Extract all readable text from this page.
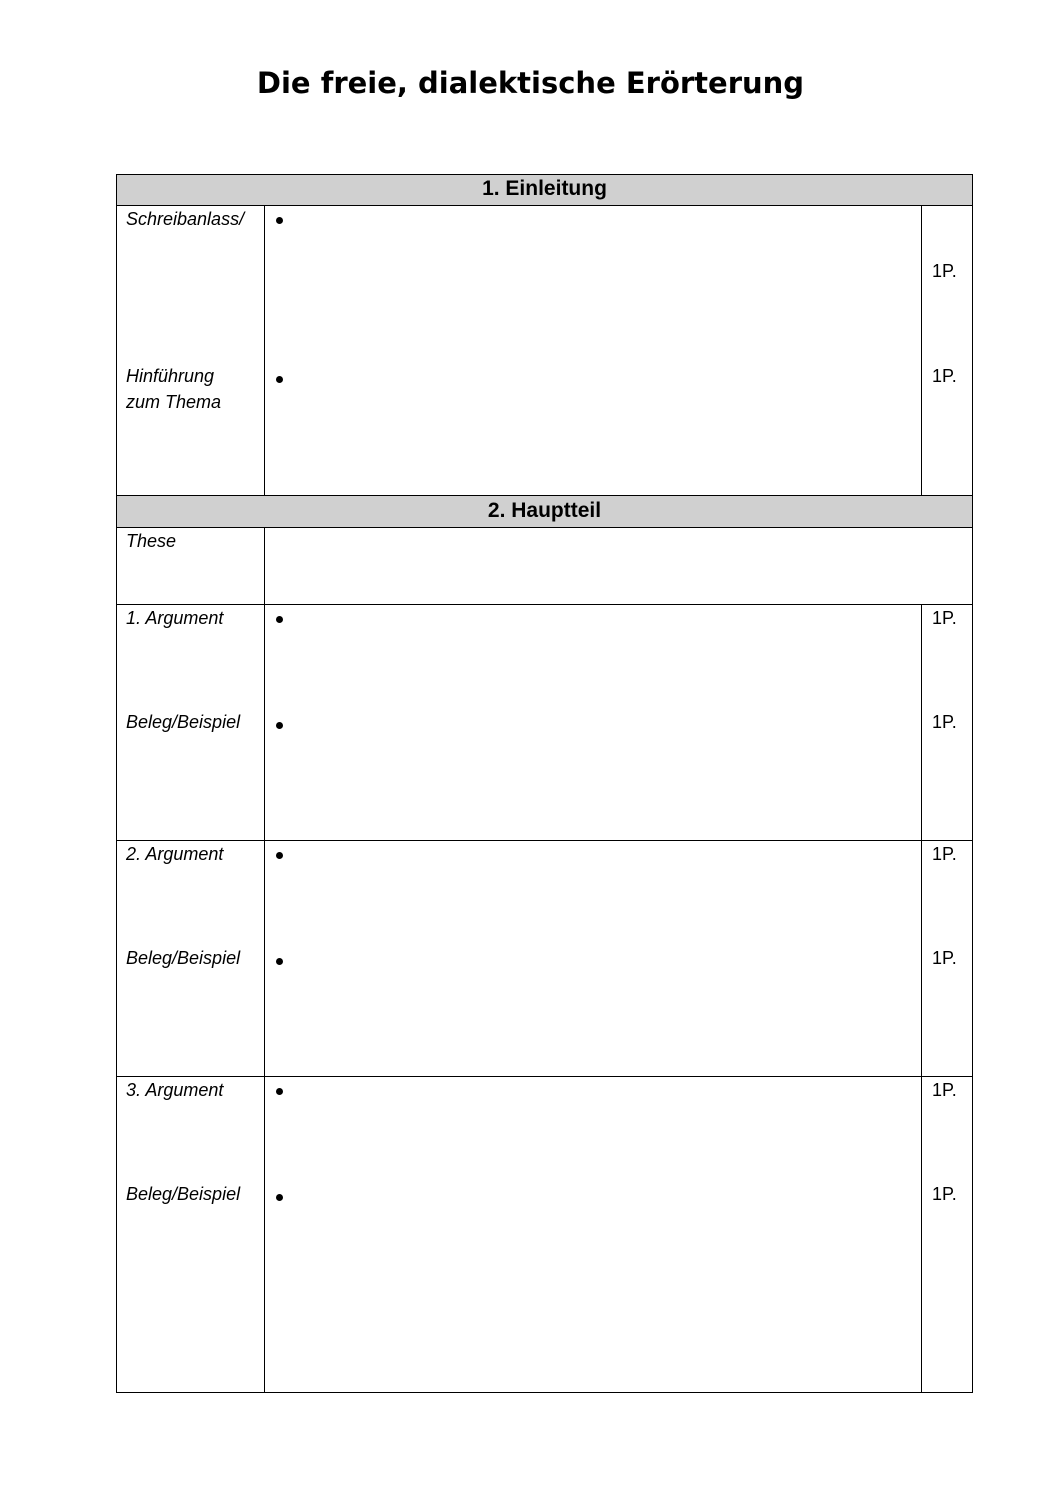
Die freie, dialektische Erörterung
1. Einleitung
2. Hauptteil
Schreibanlass/
Hinführung
zum Thema
1P.
1P.
These
1. Argument
Beleg/Beispiel
1P.
1P.
2. Argument
Beleg/Beispiel
1P.
1P.
3. Argument
Beleg/Beispiel
1P.
1P.
